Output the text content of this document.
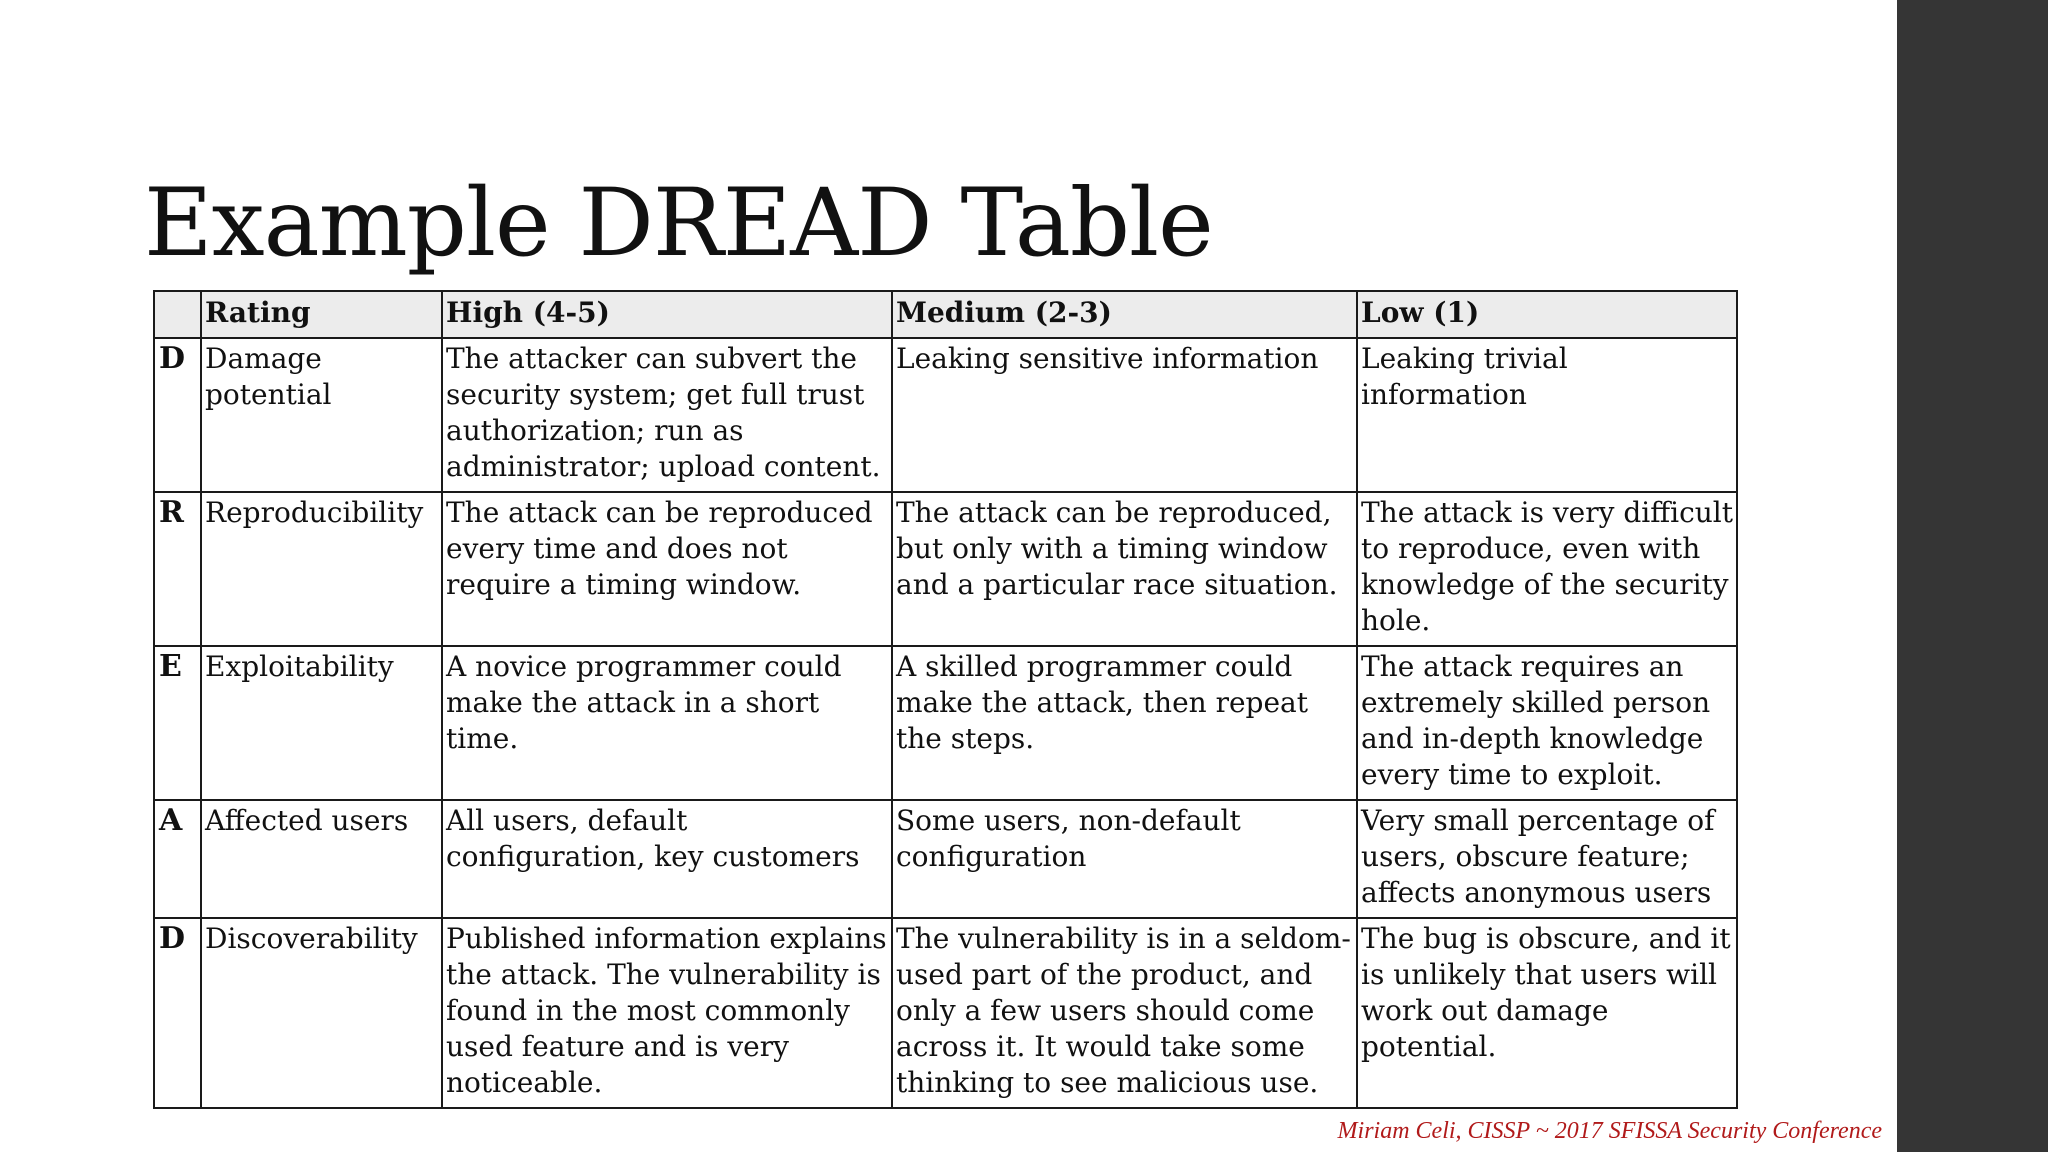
Example DREAD Table
	Rating	High (4-5)	Medium (2-3)	Low (1)
D	Damage potential	The attacker can subvert the security system; get full trust authorization; run as administrator; upload content.	Leaking sensitive information	Leaking trivial information
R	Reproducibility	The attack can be reproduced every time and does not require a timing window.	The attack can be reproduced, but only with a timing window and a particular race situation.	The attack is very difficult to reproduce, even with knowledge of the security hole.
E	Exploitability	A novice programmer could make the attack in a short time.	A skilled programmer could make the attack, then repeat the steps.	The attack requires an extremely skilled person and in-depth knowledge every time to exploit.
A	Affected users	All users, default configuration, key customers	Some users, non-default configuration	Very small percentage of users, obscure feature; affects anonymous users
D	Discoverability	Published information explains the attack. The vulnerability is found in the most commonly used feature and is very noticeable.	The vulnerability is in a seldom-used part of the product, and only a few users should come across it. It would take some thinking to see malicious use.	The bug is obscure, and it is unlikely that users will work out damage potential.
Miriam Celi, CISSP ~ 2017 SFISSA Security Conference
